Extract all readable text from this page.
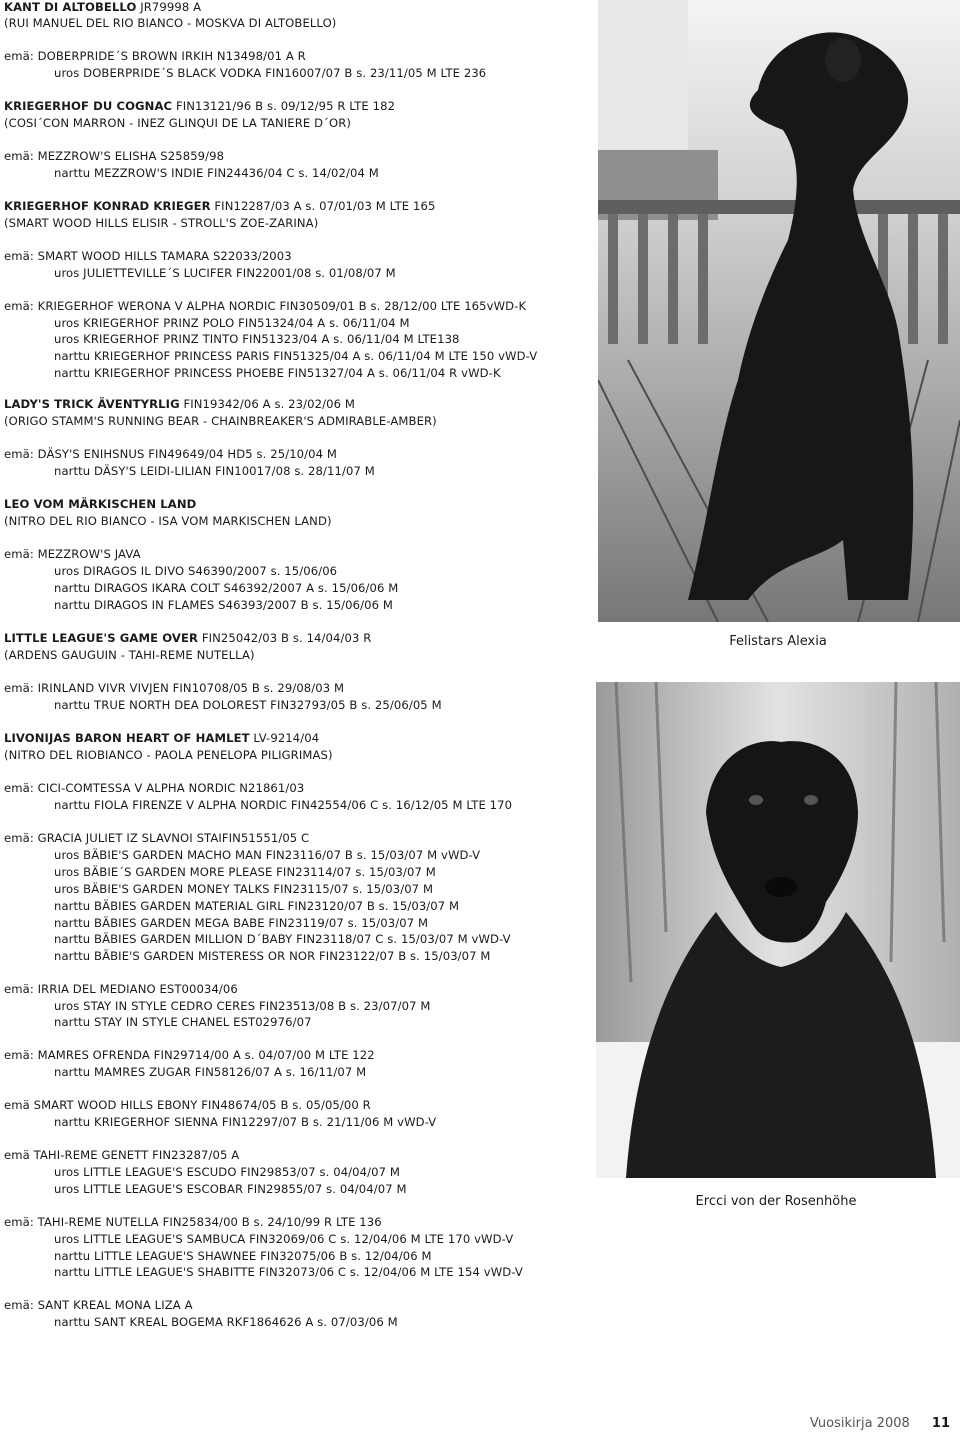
KANT DI ALTOBELLO JR79998 A
(RUI MANUEL DEL RIO BIANCO - MOSKVA DI ALTOBELLO)
emä: DOBERPRIDE´S BROWN IRKIH N13498/01 A R
uros DOBERPRIDE´S BLACK VODKA FIN16007/07 B s. 23/11/05 M LTE 236
KRIEGERHOF DU COGNAC FIN13121/96 B s. 09/12/95 R LTE 182
(COSI´CON MARRON - INEZ GLINQUI DE LA TANIERE D´OR)
emä: MEZZROW'S ELISHA S25859/98
narttu MEZZROW'S INDIE FIN24436/04 C s. 14/02/04 M
KRIEGERHOF KONRAD KRIEGER FIN12287/03 A s. 07/01/03 M LTE 165
(SMART WOOD HILLS ELISIR - STROLL'S ZOE-ZARINA)
emä: SMART WOOD HILLS TAMARA S22033/2003
uros JULIETTEVILLE´S LUCIFER FIN22001/08 s. 01/08/07 M
emä: KRIEGERHOF WERONA V ALPHA NORDIC FIN30509/01 B s. 28/12/00 LTE 165vWD-K
uros KRIEGERHOF PRINZ POLO FIN51324/04 A s. 06/11/04 M
uros KRIEGERHOF PRINZ TINTO FIN51323/04 A s. 06/11/04 M LTE138
narttu KRIEGERHOF PRINCESS PARIS FIN51325/04 A s. 06/11/04 M LTE 150 vWD-V
narttu KRIEGERHOF PRINCESS PHOEBE FIN51327/04 A s. 06/11/04 R vWD-K
LADY'S TRICK ÄVENTYRLIG FIN19342/06 A s. 23/02/06 M
(ORIGO STAMM'S RUNNING BEAR - CHAINBREAKER'S ADMIRABLE-AMBER)
emä: DÄSY'S ENIHSNUS FIN49649/04 HD5 s. 25/10/04 M
narttu DÄSY'S LEIDI-LILIAN FIN10017/08 s. 28/11/07 M
LEO VOM MÄRKISCHEN LAND
(NITRO DEL RIO BIANCO - ISA VOM MARKISCHEN LAND)
emä: MEZZROW'S JAVA
uros DIRAGOS IL DIVO S46390/2007 s. 15/06/06
narttu DIRAGOS IKARA COLT S46392/2007 A s. 15/06/06 M
narttu DIRAGOS IN FLAMES S46393/2007 B s. 15/06/06 M
LITTLE LEAGUE'S GAME OVER FIN25042/03 B s. 14/04/03 R
(ARDENS GAUGUIN - TAHI-REME NUTELLA)
emä: IRINLAND VIVR VIVJEN FIN10708/05 B s. 29/08/03 M
narttu TRUE NORTH DEA DOLOREST FIN32793/05 B s. 25/06/05 M
LIVONIJAS BARON HEART OF HAMLET LV-9214/04
(NITRO DEL RIOBIANCO - PAOLA PENELOPA PILIGRIMAS)
emä: CICI-COMTESSA V ALPHA NORDIC N21861/03
narttu FIOLA FIRENZE V ALPHA NORDIC FIN42554/06 C s. 16/12/05 M LTE 170
emä: GRACIA JULIET IZ SLAVNOI STAIFIN51551/05 C
uros BÄBIE'S GARDEN MACHO MAN FIN23116/07 B s. 15/03/07 M vWD-V
uros BÄBIE´S GARDEN MORE PLEASE FIN23114/07 s. 15/03/07 M
uros BÄBIE'S GARDEN MONEY TALKS FIN23115/07 s. 15/03/07 M
narttu BÄBIES GARDEN MATERIAL GIRL FIN23120/07 B s. 15/03/07 M
narttu BÄBIES GARDEN MEGA BABE FIN23119/07 s. 15/03/07 M
narttu BÄBIES GARDEN MILLION D´BABY FIN23118/07 C s. 15/03/07 M vWD-V
narttu BÄBIE'S GARDEN MISTERESS OR NOR FIN23122/07 B s. 15/03/07 M
emä: IRRIA DEL MEDIANO EST00034/06
uros STAY IN STYLE CEDRO CERES FIN23513/08 B s. 23/07/07 M
narttu STAY IN STYLE CHANEL EST02976/07
emä: MAMRES OFRENDA FIN29714/00 A s. 04/07/00 M LTE 122
narttu MAMRES ZUGAR FIN58126/07 A s. 16/11/07 M
emä SMART WOOD HILLS EBONY FIN48674/05 B s. 05/05/00 R
narttu KRIEGERHOF SIENNA FIN12297/07 B s. 21/11/06 M vWD-V
emä TAHI-REME GENETT FIN23287/05 A
uros LITTLE LEAGUE'S ESCUDO FIN29853/07 s. 04/04/07 M
uros LITTLE LEAGUE'S ESCOBAR FIN29855/07 s. 04/04/07 M
emä: TAHI-REME NUTELLA FIN25834/00 B s. 24/10/99 R LTE 136
uros LITTLE LEAGUE'S SAMBUCA FIN32069/06 C s. 12/04/06 M LTE 170 vWD-V
narttu LITTLE LEAGUE'S SHAWNEE FIN32075/06 B s. 12/04/06 M
narttu LITTLE LEAGUE'S SHABITTE FIN32073/06 C s. 12/04/06 M LTE 154 vWD-V
emä: SANT KREAL MONA LIZA A
narttu SANT KREAL BOGEMA RKF1864626 A s. 07/03/06 M
Felistars Alexia
Ercci von der Rosenhöhe
Vuosikirja 2008 11
